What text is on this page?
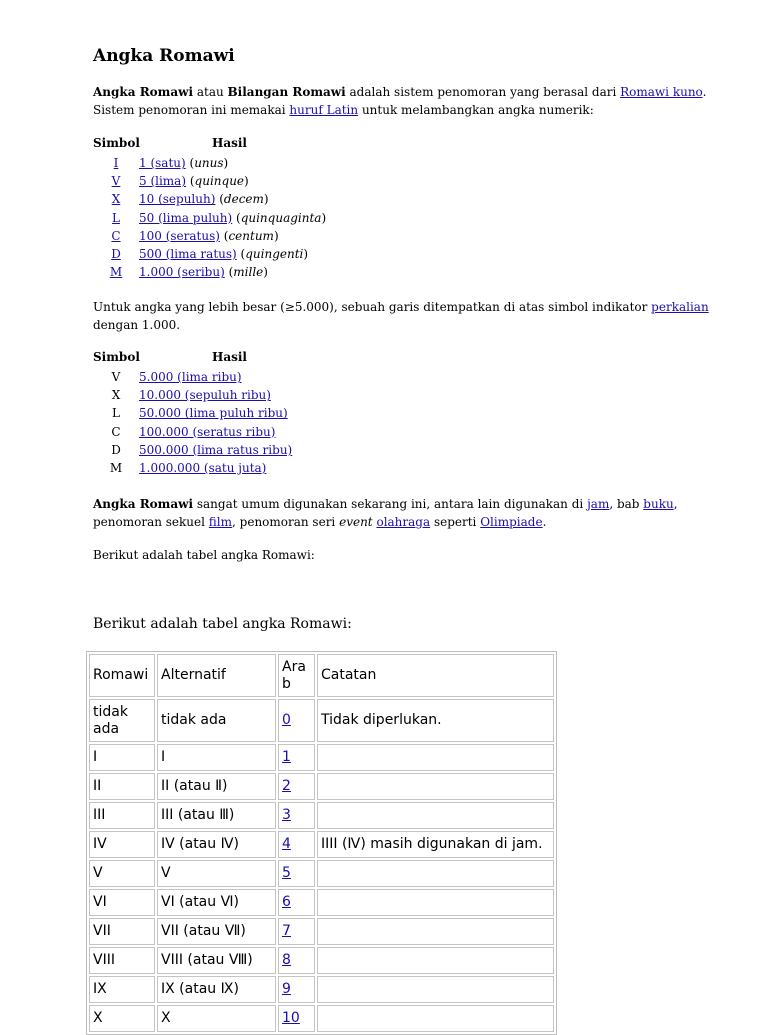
Angka Romawi

Angka Romawi atau Bilangan Romawi adalah sistem penomoran yang berasal dari Romawi kuno.

Sistem penomoran ini memakai huruf Latin untuk melambangkan angka numerik:

Simbol	Hasil
I	1 (satu) (unus)
V	5 (lima) (quinque)
X	10 (sepuluh) (decem)
L	50 (lima puluh) (quinquaginta)
C	100 (seratus) (centum)
D	500 (lima ratus) (quingenti)
M	1.000 (seribu) (mille)

Untuk angka yang lebih besar (≥5.000), sebuah garis ditempatkan di atas simbol indikator perkalian

dengan 1.000.

Simbol	Hasil
V	5.000 (lima ribu)
X	10.000 (sepuluh ribu)
L	50.000 (lima puluh ribu)
C	100.000 (seratus ribu)
D	500.000 (lima ratus ribu)
M	1.000.000 (satu juta)

Angka Romawi sangat umum digunakan sekarang ini, antara lain digunakan di jam, bab buku,

penomoran sekuel film, penomoran seri event olahraga seperti Olimpiade.

Berikut adalah tabel angka Romawi:
Berikut adalah tabel angka Romawi:
Romawi	Alternatif	Ara b	Catatan
tidak ada	tidak ada	0	Tidak diperlukan.
I	I	1	
II	II (atau Ⅱ)	2	
III	III (atau Ⅲ)	3	
IV	IV (atau Ⅳ)	4	IIII (Ⅳ) masih digunakan di jam.
V	V	5	
VI	VI (atau Ⅵ)	6	
VII	VII (atau Ⅶ)	7	
VIII	VIII (atau Ⅷ)	8	
IX	IX (atau Ⅸ)	9	
X	X	10	
